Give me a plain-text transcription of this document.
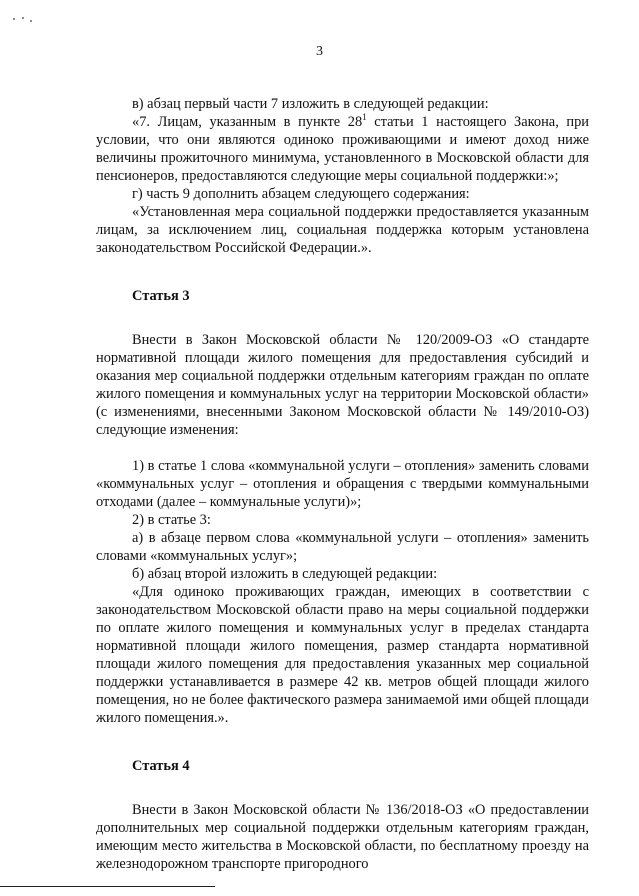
3

в) абзац первый части 7 изложить в следующей редакции:

«7. Лицам, указанным в пункте $28^1$ статьи 1 настоящего Закона, при условии, что они являются одиноко проживающими и имеют доход ниже величины прожиточного минимума, установленного в Московской области для пенсионеров, предоставляются следующие меры социальной поддержки:»;

г) часть 9 дополнить абзацем следующего содержания:

«Установленная мера социальной поддержки предоставляется указанным лицам, за исключением лиц, социальная поддержка которым установлена законодательством Российской Федерации.».

Статья 3

Внести в Закон Московской области № 120/2009-ОЗ «О стандарте нормативной площади жилого помещения для предоставления субсидий и оказания мер социальной поддержки отдельным категориям граждан по оплате жилого помещения и коммунальных услуг на территории Московской области» (с изменениями, внесенными Законом Московской области № 149/2010-ОЗ) следующие изменения:

1) в статье 1 слова «коммунальной услуги – отопления» заменить словами «коммунальных услуг – отопления и обращения с твердыми коммунальными отходами (далее – коммунальные услуги)»;

2) в статье 3:

а) в абзаце первом слова «коммунальной услуги – отопления» заменить словами «коммунальных услуг»;

б) абзац второй изложить в следующей редакции:

«Для одиноко проживающих граждан, имеющих в соответствии с законодательством Московской области право на меры социальной поддержки по оплате жилого помещения и коммунальных услуг в пределах стандарта нормативной площади жилого помещения, размер стандарта нормативной площади жилого помещения для предоставления указанных мер социальной поддержки устанавливается в размере 42 кв. метров общей площади жилого помещения, но не более фактического размера занимаемой ими общей площади жилого помещения.».

Статья 4

Внести в Закон Московской области № 136/2018-ОЗ «О предоставлении дополнительных мер социальной поддержки отдельным категориям граждан, имеющим место жительства в Московской области, по бесплатному проезду на железнодорожном транспорте пригородного
